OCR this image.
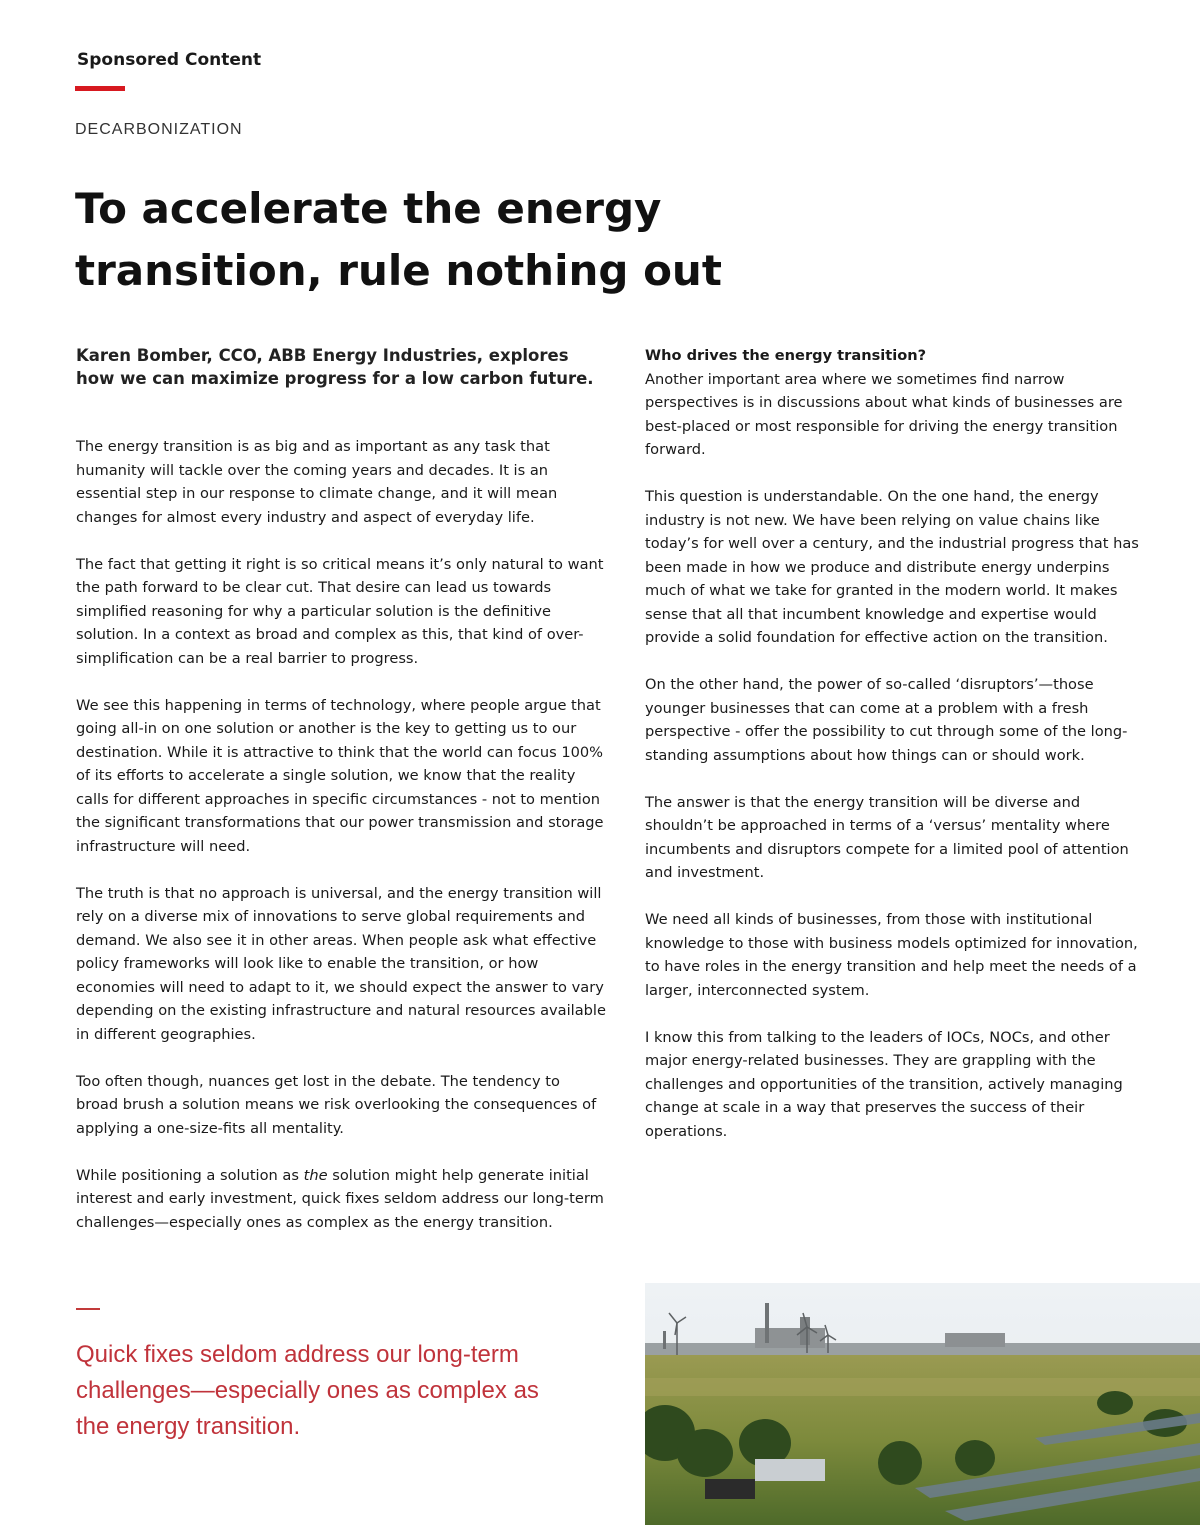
Sponsored Content

DECARBONIZATION

To accelerate the energy transition, rule nothing out

Karen Bomber, CCO, ABB Energy Industries, explores how we can maximize progress for a low carbon future.

The energy transition is as big and as important as any task that humanity will tackle over the coming years and decades. It is an essential step in our response to climate change, and it will mean changes for almost every industry and aspect of everyday life.

The fact that getting it right is so critical means it’s only natural to want the path forward to be clear cut. That desire can lead us towards simplified reasoning for why a particular solution is the definitive solution. In a context as broad and complex as this, that kind of over-simplification can be a real barrier to progress.

We see this happening in terms of technology, where people argue that going all-in on one solution or another is the key to getting us to our destination. While it is attractive to think that the world can focus 100% of its efforts to accelerate a single solution, we know that the reality calls for different approaches in specific circumstances - not to mention the significant transformations that our power transmission and storage infrastructure will need.

The truth is that no approach is universal, and the energy transition will rely on a diverse mix of innovations to serve global requirements and demand. We also see it in other areas. When people ask what effective policy frameworks will look like to enable the transition, or how economies will need to adapt to it, we should expect the answer to vary depending on the existing infrastructure and natural resources available in different geographies.

Too often though, nuances get lost in the debate. The tendency to broad brush a solution means we risk overlooking the consequences of applying a one-size-fits all mentality.

While positioning a solution as the solution might help generate initial interest and early investment, quick fixes seldom address our long-term challenges—especially ones as complex as the energy transition.

Quick fixes seldom address our long-term challenges—especially ones as complex as the energy transition.

Who drives the energy transition?

Another important area where we sometimes find narrow perspectives is in discussions about what kinds of businesses are best-placed or most responsible for driving the energy transition forward.

This question is understandable. On the one hand, the energy industry is not new. We have been relying on value chains like today’s for well over a century, and the industrial progress that has been made in how we produce and distribute energy underpins much of what we take for granted in the modern world. It makes sense that all that incumbent knowledge and expertise would provide a solid foundation for effective action on the transition.

On the other hand, the power of so-called ‘disruptors’—those younger businesses that can come at a problem with a fresh perspective - offer the possibility to cut through some of the long-standing assumptions about how things can or should work.

The answer is that the energy transition will be diverse and shouldn’t be approached in terms of a ‘versus’ mentality where incumbents and disruptors compete for a limited pool of attention and investment.

We need all kinds of businesses, from those with institutional knowledge to those with business models optimized for innovation, to have roles in the energy transition and help meet the needs of a larger, interconnected system.

I know this from talking to the leaders of IOCs, NOCs, and other major energy-related businesses. They are grappling with the challenges and opportunities of the transition, actively managing change at scale in a way that preserves the success of their operations.
